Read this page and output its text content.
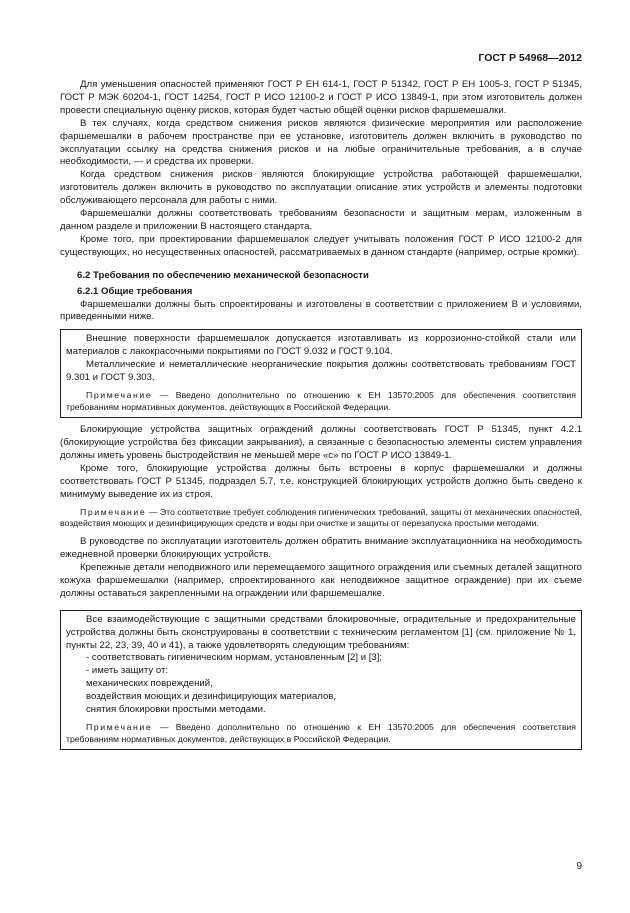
ГОСТ Р 54968—2012

Для уменьшения опасностей применяют ГОСТ Р ЕН 614-1, ГОСТ Р 51342, ГОСТ Р ЕН 1005-3, ГОСТ Р 51345, ГОСТ Р МЭК 60204-1, ГОСТ 14254, ГОСТ Р ИСО 12100-2 и ГОСТ Р ИСО 13849-1, при этом изготовитель должен провести специальную оценку рисков, которая будет частью общей оценки рисков фаршемешалки.

В тех случаях, когда средством снижения рисков являются физические мероприятия или расположение фаршемешалки в рабочем пространстве при ее установке, изготовитель должен включить в руководство по эксплуатации ссылку на средства снижения рисков и на любые ограничительные требования, а в случае необходимости, — и средства их проверки.

Когда средством снижения рисков являются блокирующие устройства работающей фаршемешалки, изготовитель должен включить в руководство по эксплуатации описание этих устройств и элементы подготовки обслуживающего персонала для работы с ними.

Фаршемешалки должны соответствовать требованиям безопасности и защитным мерам, изложенным в данном разделе и приложении В настоящего стандарта.

Кроме того, при проектировании фаршемешалок следует учитывать положения ГОСТ Р ИСО 12100-2 для существующих, но несущественных опасностей, рассматриваемых в данном стандарте (например, острые кромки).

6.2 Требования по обеспечению механической безопасности

6.2.1 Общие требования

Фаршемешалки должны быть спроектированы и изготовлены в соответствии с приложением В и условиями, приведенными ниже.

Внешние поверхности фаршемешалок допускается изготавливать из коррозионно-стойкой стали или материалов с лакокрасочными покрытиями по ГОСТ 9.032 и ГОСТ 9.104.

Металлические и неметаллические неорганические покрытия должны соответствовать требованиям ГОСТ 9.301 и ГОСТ 9.303.

Примечание — Введено дополнительно по отношению к ЕН 13570:2005 для обеспечения соответствия требованиям нормативных документов, действующих в Российской Федерации.

Блокирующие устройства защитных ограждений должны соответствовать ГОСТ Р 51345, пункт 4.2.1 (блокирующие устройства без фиксации закрывания), а связанные с безопасностью элементы систем управления должны иметь уровень быстродействия не меньшей мере «c» по ГОСТ Р ИСО 13849-1.

Кроме того, блокирующие устройства должны быть встроены в корпус фаршемешалки и должны соответствовать ГОСТ Р 51345, подраздел 5.7, т.е. конструкцией блокирующих устройств должно быть сведено к минимуму выведение их из строя.

Примечание — Это соответствие требует соблюдения гигиенических требований, защиты от механических опасностей, воздействия моющих и дезинфицирующих средств и воды при очистке и защиты от перезапуска простыми методами.

В руководстве по эксплуатации изготовитель должен обратить внимание эксплуатационника на необходимость ежедневной проверки блокирующих устройств.

Крепежные детали неподвижного или перемещаемого защитного ограждения или съемных деталей защитного кожуха фаршемешалки (например, спроектированного как неподвижное защитное ограждение) при их съеме должны оставаться закрепленными на ограждении или фаршемешалке.

Все взаимодействующие с защитными средствами блокировочные, оградительные и предохранительные устройства должны быть сконструированы в соответствии с техническим регламентом [1] (см. приложение № 1, пункты 22, 23, 39, 40 и 41), а также удовлетворять следующим требованиям:

- соответствовать гигиеническим нормам, установленным [2] и [3];

- иметь защиту от:

механических повреждений,

воздействия моющих и дезинфицирующих материалов,

снятия блокировки простыми методами.

Примечание — Введено дополнительно по отношению к ЕН 13570:2005 для обеспечения соответствия требованиям нормативных документов, действующих в Российской Федерации.

9
